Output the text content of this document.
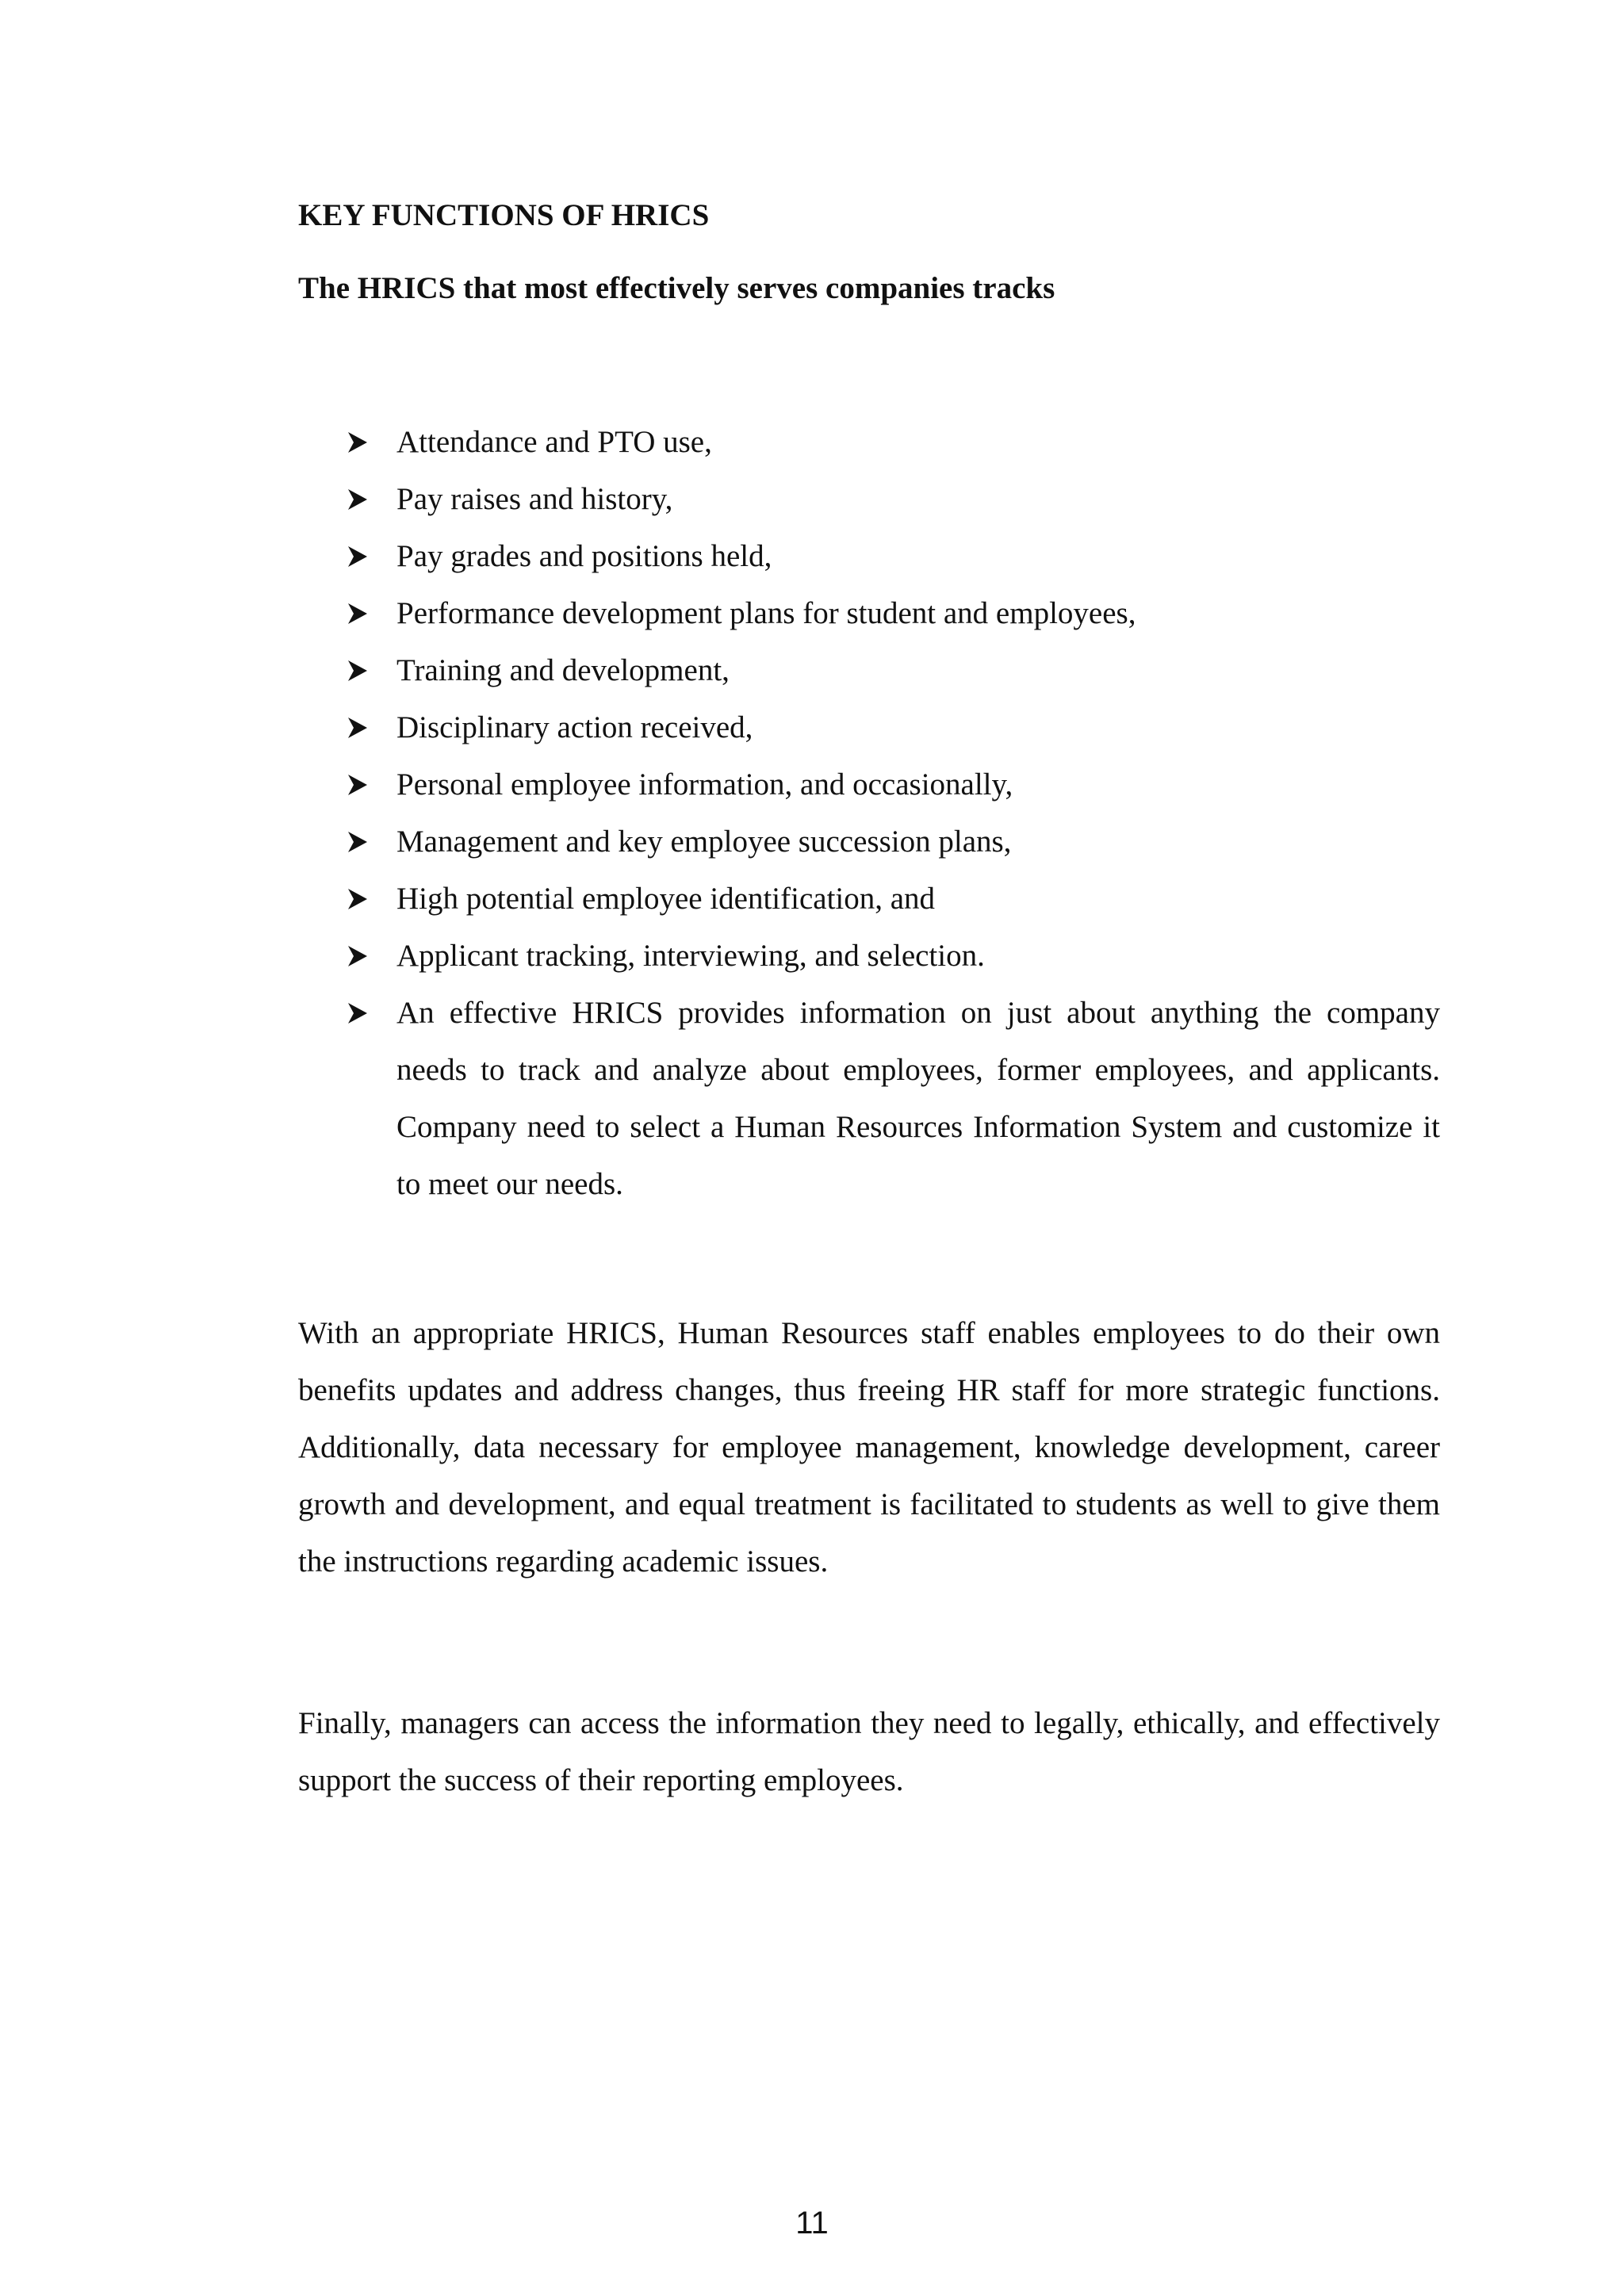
KEY FUNCTIONS OF HRICS
The HRICS that most effectively serves companies tracks
Attendance and PTO use,
Pay raises and history,
Pay grades and positions held,
Performance development plans for student and employees,
Training and development,
Disciplinary action received,
Personal employee information, and occasionally,
Management and key employee succession plans,
High potential employee identification, and
Applicant tracking, interviewing, and selection.
An effective HRICS provides information on just about anything the company needs to track and analyze about employees, former employees, and applicants. Company need to select a Human Resources Information System and customize it to meet our needs.

With an appropriate HRICS, Human Resources staff enables employees to do their own benefits updates and address changes, thus freeing HR staff for more strategic functions. Additionally, data necessary for employee management, knowledge development, career growth and development, and equal treatment is facilitated to students as well to give them the instructions regarding academic issues.

Finally, managers can access the information they need to legally, ethically, and effectively support the success of their reporting employees.

11
